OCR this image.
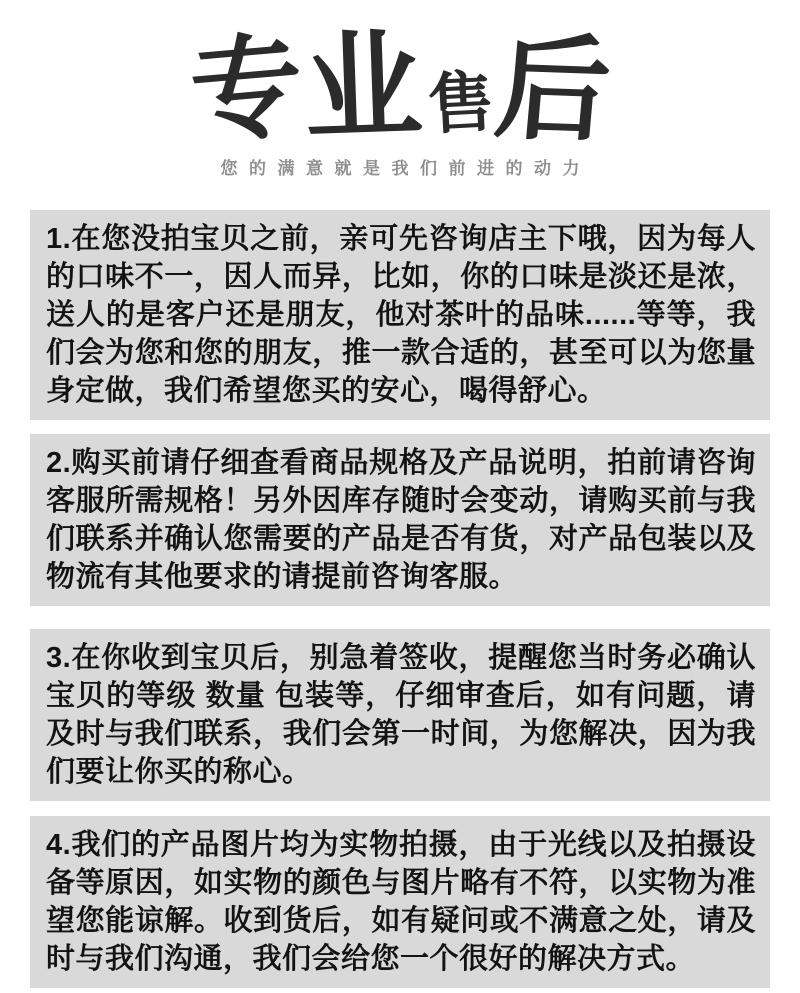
专
业 售
后
您的满意就是我们前进的动力
1.在您没拍宝贝之前，亲可先咨询店主下哦，因为每人的口味不一，因人而异，比如，你的口味是淡还是浓，送人的是客户还是朋友，他对茶叶的品味......等等，我们会为您和您的朋友，推一款合适的，甚至可以为您量身定做，我们希望您买的安心，喝得舒心。
2.购买前请仔细查看商品规格及产品说明，拍前请咨询客服所需规格！另外因库存随时会变动，请购买前与我们联系并确认您需要的产品是否有货，对产品包装以及物流有其他要求的请提前咨询客服。
3.在你收到宝贝后，别急着签收，提醒您当时务必确认宝贝的等级 数量 包装等，仔细审查后，如有问题，请及时与我们联系，我们会第一时间，为您解决，因为我们要让你买的称心。
4.我们的产品图片均为实物拍摄，由于光线以及拍摄设备等原因，如实物的颜色与图片略有不符，以实物为准望您能谅解。收到货后，如有疑问或不满意之处，请及时与我们沟通，我们会给您一个很好的解决方式。
